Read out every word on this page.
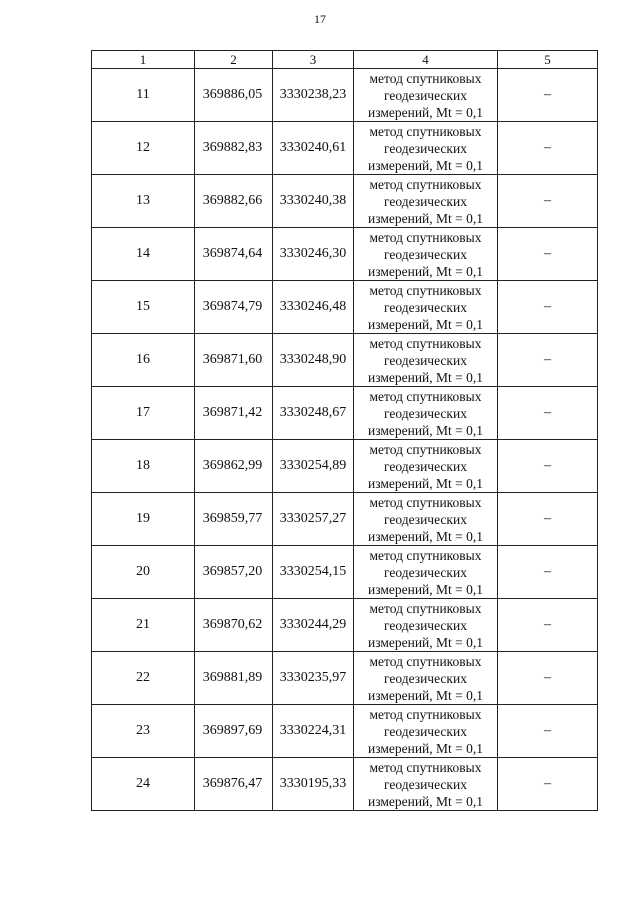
17
1	2	3	4	5
11	369886,05	3330238,23	метод спутниковых
геодезических
измерений, Mt = 0,1	–
12	369882,83	3330240,61	метод спутниковых
геодезических
измерений, Mt = 0,1	–
13	369882,66	3330240,38	метод спутниковых
геодезических
измерений, Mt = 0,1	–
14	369874,64	3330246,30	метод спутниковых
геодезических
измерений, Mt = 0,1	–
15	369874,79	3330246,48	метод спутниковых
геодезических
измерений, Mt = 0,1	–
16	369871,60	3330248,90	метод спутниковых
геодезических
измерений, Mt = 0,1	–
17	369871,42	3330248,67	метод спутниковых
геодезических
измерений, Mt = 0,1	–
18	369862,99	3330254,89	метод спутниковых
геодезических
измерений, Mt = 0,1	–
19	369859,77	3330257,27	метод спутниковых
геодезических
измерений, Mt = 0,1	–
20	369857,20	3330254,15	метод спутниковых
геодезических
измерений, Mt = 0,1	–
21	369870,62	3330244,29	метод спутниковых
геодезических
измерений, Mt = 0,1	–
22	369881,89	3330235,97	метод спутниковых
геодезических
измерений, Mt = 0,1	–
23	369897,69	3330224,31	метод спутниковых
геодезических
измерений, Mt = 0,1	–
24	369876,47	3330195,33	метод спутниковых
геодезических
измерений, Mt = 0,1	–
